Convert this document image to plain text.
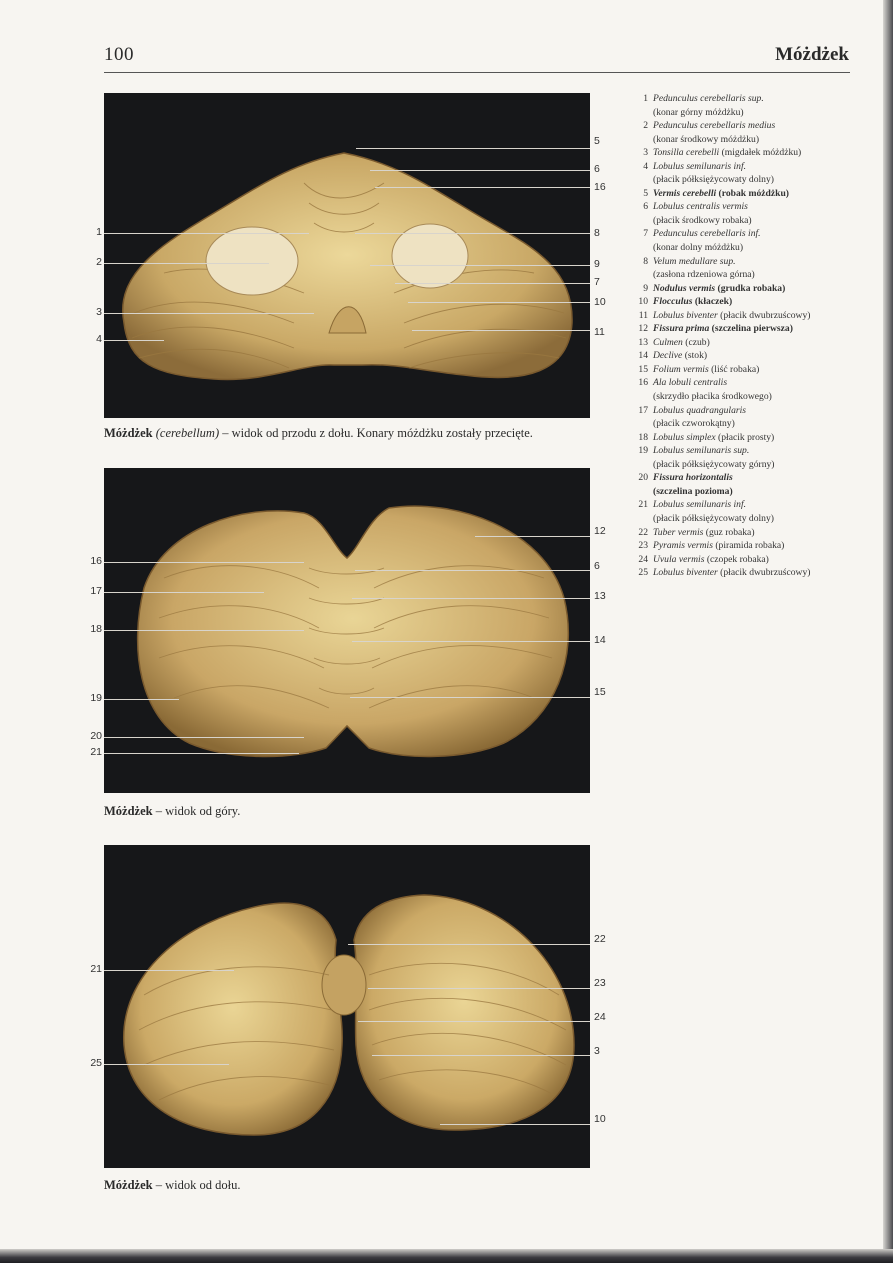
100	Móżdżek
1
2
3
4
5
6
16
8
9
7
10
11
Móżdżek (cerebellum) – widok od przodu z dołu. Konary móżdżku zostały przecięte.
16
17
18
19
20
21
12
6
13
14
15
Móżdżek – widok od góry.
21
25
22
23
24
3
10
Móżdżek – widok od dołu.
1 Pedunculus cerebellaris sup.
(konar górny móżdżku)
2 Pedunculus cerebellaris medius
(konar środkowy móżdżku)
3 Tonsilla cerebelli (migdałek móżdżku)
4 Lobulus semilunaris inf.
(płacik półksiężycowaty dolny)
5 Vermis cerebelli (robak móżdżku)
6 Lobulus centralis vermis
(płacik środkowy robaka)
7 Pedunculus cerebellaris inf.
(konar dolny móżdżku)
8 Velum medullare sup.
(zasłona rdzeniowa górna)
9 Nodulus vermis (grudka robaka)
10 Flocculus (kłaczek)
11 Lobulus biventer (płacik dwubrzuścowy)
12 Fissura prima (szczelina pierwsza)
13 Culmen (czub)
14 Declive (stok)
15 Folium vermis (liść robaka)
16 Ala lobuli centralis
(skrzydło płacika środkowego)
17 Lobulus quadrangularis
(płacik czworokątny)
18 Lobulus simplex (płacik prosty)
19 Lobulus semilunaris sup.
(płacik półksiężycowaty górny)
20 Fissura horizontalis
(szczelina pozioma)
21 Lobulus semilunaris inf.
(płacik półksiężycowaty dolny)
22 Tuber vermis (guz robaka)
23 Pyramis vermis (piramida robaka)
24 Uvula vermis (czopek robaka)
25 Lobulus biventer (płacik dwubrzuścowy)
